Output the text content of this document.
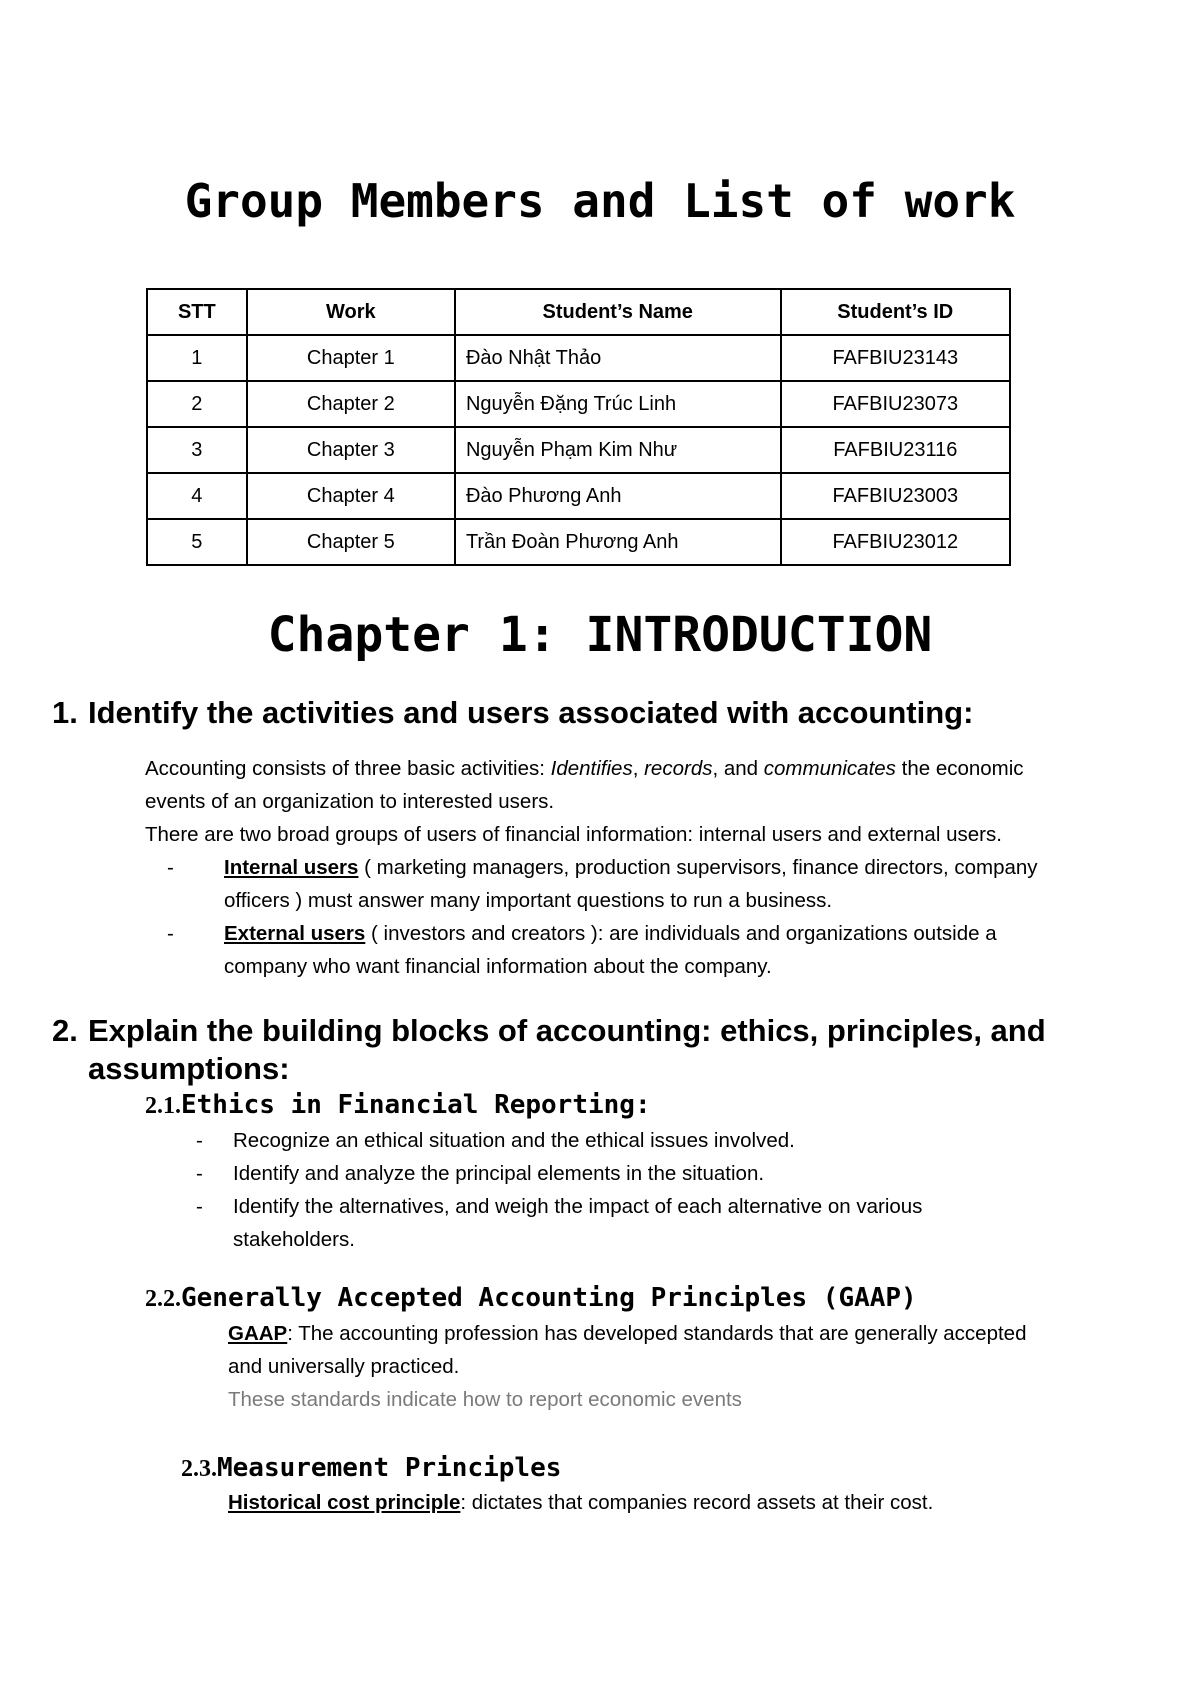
Group Members and List of work
STT	Work	Student’s Name	Student’s ID
1	Chapter 1	Đào Nhật Thảo	FAFBIU23143
2	Chapter 2	Nguyễn Đặng Trúc Linh	FAFBIU23073
3	Chapter 3	Nguyễn Phạm Kim Như	FAFBIU23116
4	Chapter 4	Đào Phương Anh	FAFBIU23003
5	Chapter 5	Trần Đoàn Phương Anh	FAFBIU23012
Chapter 1: INTRODUCTION
1. Identify the activities and users associated with accounting:

Accounting consists of three basic activities: Identifies, records, and communicates the economic
events of an organization to interested users.
There are two broad groups of users of financial information: internal users and external users.

- Internal users ( marketing managers, production supervisors, finance directors, company
officers ) must answer many important questions to run a business.
- External users ( investors and creators ): are individuals and organizations outside a
company who want financial information about the company.
2. Explain the building blocks of accounting: ethics, principles, and
assumptions:
2.1.Ethics in Financial Reporting:
- Recognize an ethical situation and the ethical issues involved.
- Identify and analyze the principal elements in the situation.
- Identify the alternatives, and weigh the impact of each alternative on various
stakeholders.
2.2.Generally Accepted Accounting Principles (GAAP)

GAAP: The accounting profession has developed standards that are generally accepted
and universally practiced.
These standards indicate how to report economic events

2.3.Measurement Principles

Historical cost principle: dictates that companies record assets at their cost.
